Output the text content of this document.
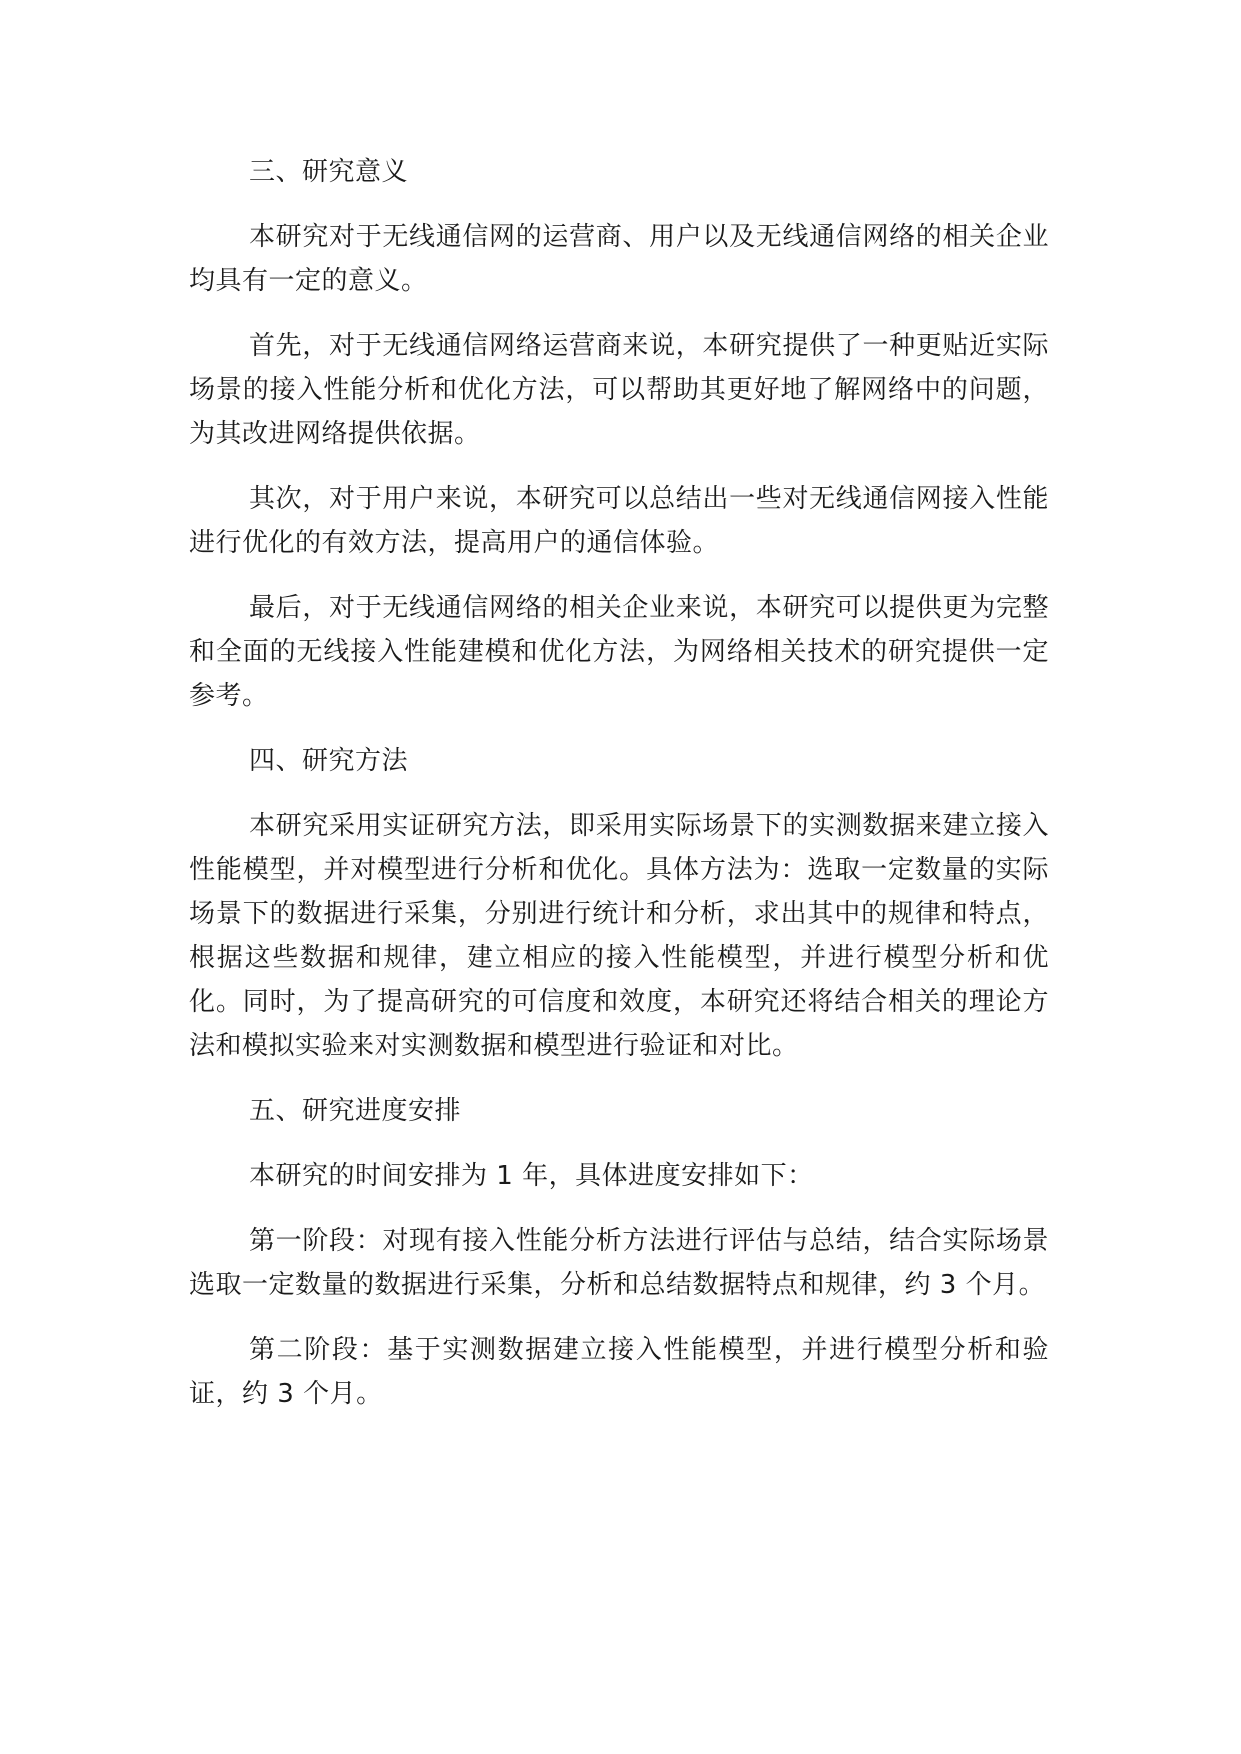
三、研究意义

本研究对于无线通信网的运营商、用户以及无线通信网络的相关企业均具有一定的意义。

首先，对于无线通信网络运营商来说，本研究提供了一种更贴近实际场景的接入性能分析和优化方法，可以帮助其更好地了解网络中的问题，为其改进网络提供依据。

其次，对于用户来说，本研究可以总结出一些对无线通信网接入性能进行优化的有效方法，提高用户的通信体验。

最后，对于无线通信网络的相关企业来说，本研究可以提供更为完整和全面的无线接入性能建模和优化方法，为网络相关技术的研究提供一定参考。

四、研究方法

本研究采用实证研究方法，即采用实际场景下的实测数据来建立接入性能模型，并对模型进行分析和优化。具体方法为：选取一定数量的实际场景下的数据进行采集，分别进行统计和分析，求出其中的规律和特点，根据这些数据和规律，建立相应的接入性能模型，并进行模型分析和优化。同时，为了提高研究的可信度和效度，本研究还将结合相关的理论方法和模拟实验来对实测数据和模型进行验证和对比。

五、研究进度安排

本研究的时间安排为 1 年，具体进度安排如下：

第一阶段：对现有接入性能分析方法进行评估与总结，结合实际场景选取一定数量的数据进行采集，分析和总结数据特点和规律，约 3 个月。

第二阶段：基于实测数据建立接入性能模型，并进行模型分析和验证，约 3 个月。
